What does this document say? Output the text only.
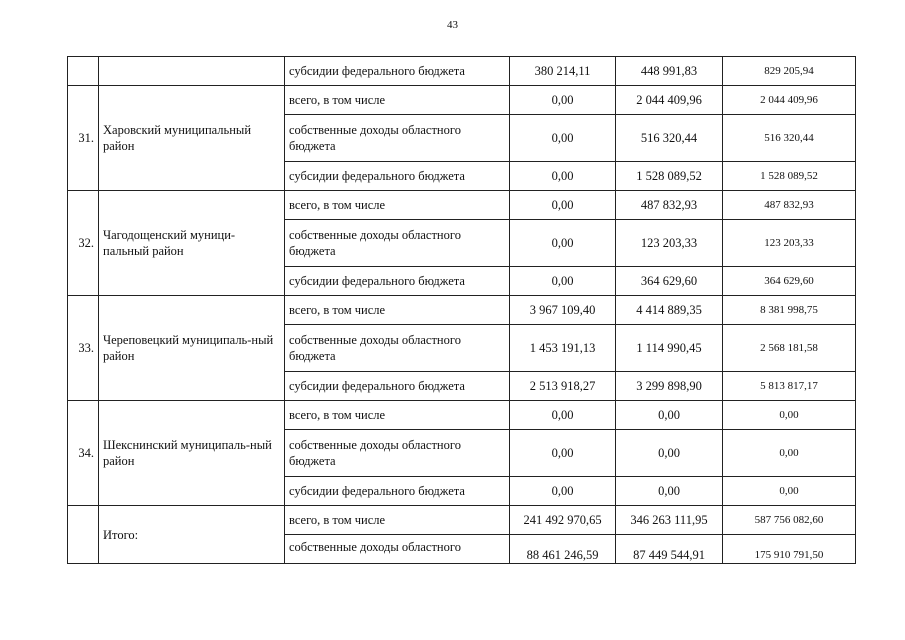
43
		субсидии федерального бюджета	380 214,11	448 991,83	829 205,94
31.	Харовский муниципальный район	всего, в том числе	0,00	2 044 409,96	2 044 409,96
		собственные доходы областного бюджета	0,00	516 320,44	516 320,44
		субсидии федерального бюджета	0,00	1 528 089,52	1 528 089,52
32.	Чагодощенский муници-пальный район	всего, в том числе	0,00	487 832,93	487 832,93
		собственные доходы областного бюджета	0,00	123 203,33	123 203,33
		субсидии федерального бюджета	0,00	364 629,60	364 629,60
33.	Череповецкий муниципаль-ный район	всего, в том числе	3 967 109,40	4 414 889,35	8 381 998,75
		собственные доходы областного бюджета	1 453 191,13	1 114 990,45	2 568 181,58
		субсидии федерального бюджета	2 513 918,27	3 299 898,90	5 813 817,17
34.	Шекснинский муниципаль-ный район	всего, в том числе	0,00	0,00	0,00
		собственные доходы областного бюджета	0,00	0,00	0,00
		субсидии федерального бюджета	0,00	0,00	0,00
	Итого:	всего, в том числе	241 492 970,65	346 263 111,95	587 756 082,60
		собственные доходы областного	88 461 246,59	87 449 544,91	175 910 791,50
